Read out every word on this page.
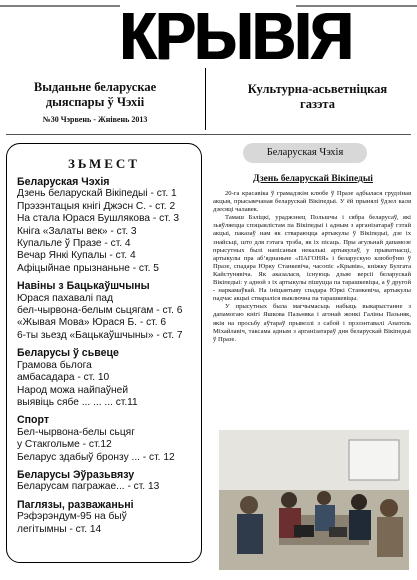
КРЫВІЯ
Выданьне беларускае
дыяспары ў Чэхіі
№30 Чэрвень - Жнівень 2013
Культурна-асьветніцкая
газэта
ЗЬМЕСТ
Беларуская Чэхія
Дзень беларускай Вікіпедыі - ст. 1
Прэзэнтацыя кнігі Джэсн С. - ст. 2
На стала Юрася Бушлякова - ст. 3
Кніга «Залаты век» - ст. 3
Купальле ў Празе - ст. 4
Вечар Янкі Купалы - ст. 4
Афіцыйнае прызнаньне - ст. 5
Навіны з Бацькаўшчыны
Юрася пахавалі пад
бел-чырвона-белым сьцягам - ст. 6
«Жывая Мова» Юрася Б. - ст. 6
6-ты зьезд «Бацькаўшчыны» - ст. 7
Беларусы ў сьвеце
Грамова бьлога
амбасадара - ст. 10
Народ можа найпаўней
выявіць сябе ... ... ... ст.11
Спорт
Бел-чырвона-белы сьцяг
у Стакгольме - ст.12
Беларус здабыў бронзу ... - ст. 12
Беларусы Эўразьвязу
Беларусам пагражае... - ст. 13
Паглязы, разважаньні
Рэфэрэндум-95 на быў
легітымны - ст. 14
Беларуская Чэхія
Дзень беларускай Вікіпедыі

20-га красавіка ў грамадзкім клюбе ў Празе адбылася грудзіная акцыя, прысьвечаная беларускай Вікіпедыі. У ёй прынялі ўдзел каля дзесяці чалавек.

Тамаш Бэліцкі, ураджэнец Польшчы і сябра беларусаў, які зьяўляецца спэцыялістам па Вікіпедыі і адным з арганізатараў гэтай акцыі, паказаў нам як ствараюцца артыкулы ў Вікіпедыі, дзе іх знайсьці, што для гэтага трэба, як іх пісаць. Пры агульнай дапамозе прысутных былі напісаныя некалькі артыкулаў, у прыватнасці, артыкулы пра абʼяднаньне «ПАГОНЯ» і беларускую клюбоўню ў Празе, спадара Юрку Станкевіча, часопіс «Крывія», кніжку Булгата Кайстунявіча. Як аказалася, існуюць дзьве версіі беларускай Вікіпедыі: у адной з іх артыкулы пішуцца па тарашкевіцы, а ў другой - наркамаўкай. На ініцыятыву спадара Юркі Станкевіча, артыкулы падчас акцыі ствараліся выключна па тарашкевіцы.

У прысутных была магчымасьць набыць выкарыстанне з дапамогаю кнігі Яшкова Пазьняка і агонай жонкі Галіны Пазьняк, якія на просьбу аўтараў прывезлі з сабой і прэзэнтавалі Анатоль Міхайлавіч, таксама адным з арганізатараў дня беларускай Вікіпедыі ў Празе.
